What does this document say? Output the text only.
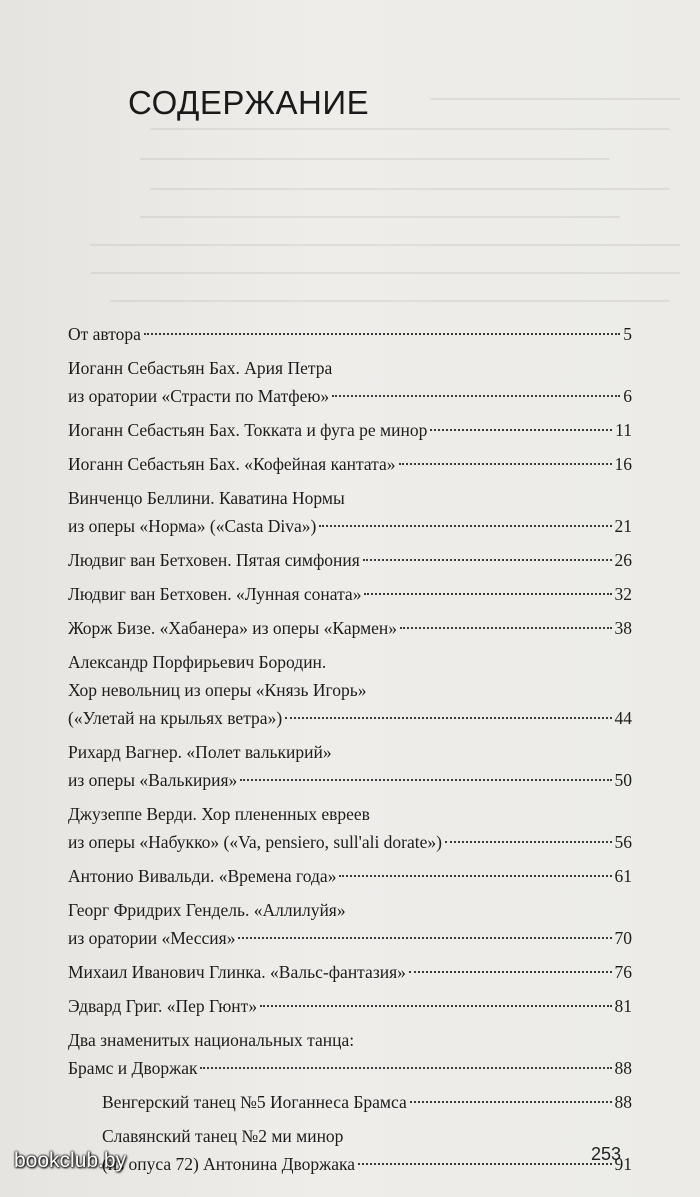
СОДЕРЖАНИЕ
От автора	5
Иоганн Себастьян Бах. Ария Петра
из оратории «Страсти по Матфею»	6
Иоганн Себастьян Бах. Токката и фуга ре минор	11
Иоганн Себастьян Бах. «Кофейная кантата»	16
Винченцо Беллини. Каватина Нормы
из оперы «Норма» («Casta Diva»)	21
Людвиг ван Бетховен. Пятая симфония	26
Людвиг ван Бетховен. «Лунная соната»	32
Жорж Бизе. «Хабанера» из оперы «Кармен»	38
Александр Порфирьевич Бородин.
Хор невольниц из оперы «Князь Игорь»
(«Улетай на крыльях ветра»)	44
Рихард Вагнер. «Полет валькирий»
из оперы «Валькирия»	50
Джузеппе Верди. Хор плененных евреев
из оперы «Набукко» («Va, pensiero, sull'ali dorate»)	56
Антонио Вивальди. «Времена года»	61
Георг Фридрих Гендель. «Аллилуйя»
из оратории «Мессия»	70
Михаил Иванович Глинка. «Вальс-фантазия»	76
Эдвард Григ. «Пер Гюнт»	81
Два знаменитых национальных танца:
Брамс и Дворжак	88
Венгерский танец №5 Иоганнеса Брамса	88
Славянский танец №2 ми минор
(из опуса 72) Антонина Дворжака	91
253
bookclub.by
